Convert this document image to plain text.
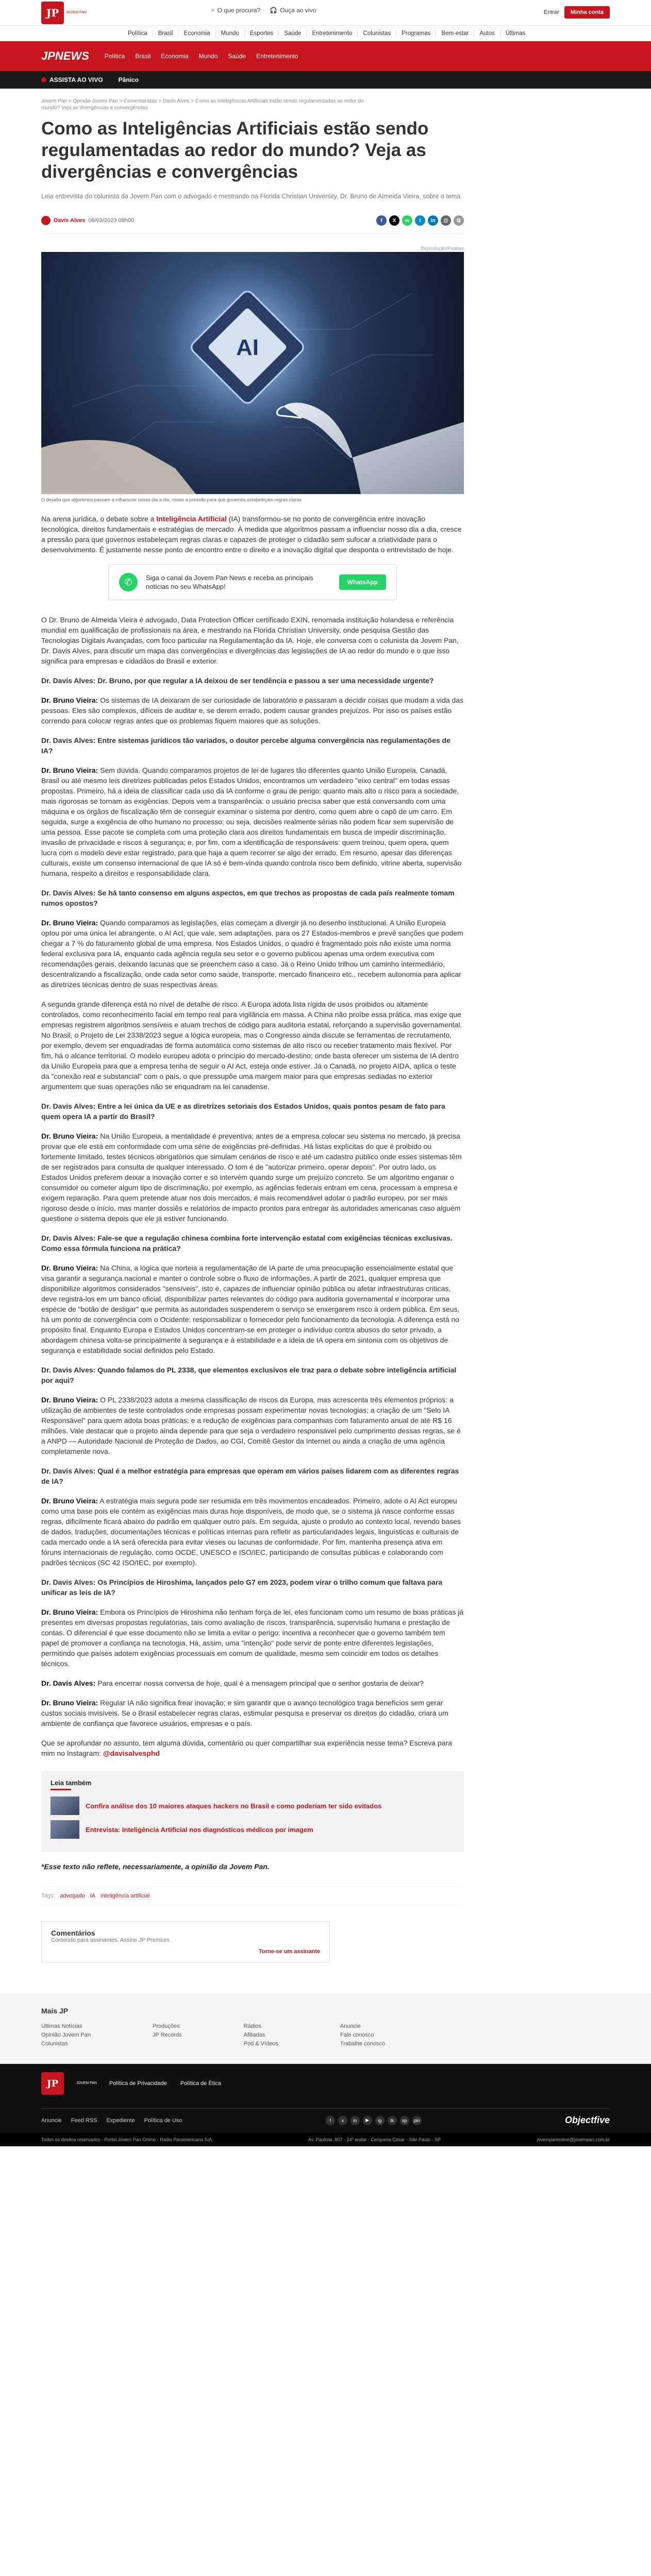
JP	JOVEM PAN	⌕ O que procura? 🎧 Ouça ao vivo	Entrar	Minha conta
Política	Brasil	Economia	Mundo	Esportes	Saúde	Entretenimento	Colunistas	Programas	Bem-estar	Autos	Últimas
JPNEWS	Política Brasil Economia Mundo Saúde Entretenimento
ASSISTA AO VIVO	Pânico
Jovem Pan > Opinião Jovem Pan > Comentaristas > Davis Alves > Como as Inteligências Artificiais estão sendo regulamentadas ao redor do
mundo? Veja as divergências e convergências
Como as Inteligências Artificiais estão sendo regulamentadas ao redor do mundo? Veja as divergências e convergências
Leia entrevista do colunista da Jovem Pan com o advogado e mestrando na Florida Christian University, Dr. Bruno de Almeida Vieira, sobre o tema
Davis Alves 08/03/2023 08h00	f	X	w	t	in	@	⧉
Reprodução/Pixabay
AI
O desafio que algoritmos passam a influenciar nosso dia a dia, nosso a pressão para que governos estabeleçam regras claras

Na arena jurídica, o debate sobre a Inteligência Artificial (IA) transformou-se no ponto de convergência entre inovação tecnológica, direitos fundamentais e estratégias de mercado. À medida que algoritmos passam a influenciar nosso dia a dia, cresce a pressão para que governos estabeleçam regras claras e capazes de proteger o cidadão sem sufocar a criatividade para o desenvolvimento. É justamente nesse ponto de encontro entre o direito e a inovação digital que desponta o entrevistado de hoje.

✆	Siga o canal da Jovem Pan News e receba as principais notícias no seu WhatsApp!
WhatsApp

O Dr. Bruno de Almeida Vieira é advogado, Data Protection Officer certificado EXIN, renomada instituição holandesa e referência mundial em qualificação de profissionais na área, e mestrando na Florida Christian University, onde pesquisa Gestão das Tecnologias Digitais Avançadas, com foco particular na Regulamentação da IA. Hoje, ele conversa com o colunista da Jovem Pan, Dr. Davis Alves, para discutir um mapa das convergências e divergências das legislações de IA ao redor do mundo e o que isso significa para empresas e cidadãos do Brasil e exterior.

Dr. Davis Alves: Dr. Bruno, por que regular a IA deixou de ser tendência e passou a ser uma necessidade urgente?

Dr. Bruno Vieira: Os sistemas de IA deixaram de ser curiosidade de laboratório e passaram a decidir coisas que mudam a vida das pessoas. Eles são complexos, difíceis de auditar e, se derem errado, podem causar grandes prejuízos. Por isso os países estão correndo para colocar regras antes que os problemas fiquem maiores que as soluções.

Dr. Davis Alves: Entre sistemas jurídicos tão variados, o doutor percebe alguma convergência nas regulamentações de IA?

Dr. Bruno Vieira: Sem dúvida. Quando comparamos projetos de lei de lugares tão diferentes quanto União Europeia, Canadá, Brasil ou até mesmo leis diretrizes publicadas pelos Estados Unidos, encontramos um verdadeiro "eixo central" em todas essas propostas. Primeiro, há a ideia de classificar cada uso da IA conforme o grau de perigo: quanto mais alto o risco para a sociedade, mais rigorosas se tornam as exigências. Depois vem a transparência: o usuário precisa saber que está conversando com uma máquina e os órgãos de fiscalização têm de conseguir examinar o sistema por dentro, como quem abre o capô de um carro. Em seguida, surge a exigência de olho humano no processo; ou seja, decisões realmente sérias não podem ficar sem supervisão de uma pessoa. Esse pacote se completa com uma proteção clara aos direitos fundamentais em busca de impedir discriminação, invasão de privacidade e riscos à segurança; e, por fim, com a identificação de responsáveis: quem treinou, quem opera, quem lucra com o modelo deve estar registrado, para que haja a quem recorrer se algo der errado. Em resumo, apesar das diferenças culturais, existe um consenso internacional de que IA só é bem-vinda quando controla risco bem definido, vitrine aberta, supervisão humana, respeito a direitos e responsabilidade clara.

Dr. Davis Alves: Se há tanto consenso em alguns aspectos, em que trechos as propostas de cada país realmente tomam rumos opostos?

Dr. Bruno Vieira: Quando comparamos as legislações, elas começam a divergir já no desenho institucional. A União Europeia optou por uma única lei abrangente, o AI Act, que vale, sem adaptações, para os 27 Estados-membros e prevê sanções que podem chegar a 7 % do faturamento global de uma empresa. Nos Estados Unidos, o quadro é fragmentado pois não existe uma norma federal exclusiva para IA, enquanto cada agência regula seu setor e o governo publicou apenas uma ordem executiva com recomendações gerais, deixando lacunas que se preenchem caso a caso. Já o Reino Unido trilhou um caminho intermediário, descentralizando a fiscalização, onde cada setor como saúde, transporte, mercado financeiro etc., recebem autonomia para aplicar as diretrizes técnicas dentro de suas respectivas áreas.

A segunda grande diferença está no nível de detalhe de risco. A Europa adota lista rígida de usos proibidos ou altamente controlados, como reconhecimento facial em tempo real para vigilância em massa. A China não proíbe essa prática, mas exige que empresas registrem algoritmos sensíveis e atuam trechos de código para auditoria estatal, reforçando a supervisão governamental. No Brasil, o Projeto de Lei 2338/2023 segue a lógica europeia, mas o Congresso ainda discute se ferramentas de recrutamento, por exemplo, devem ser enquadradas de forma automática como sistemas de alto risco ou receber tratamento mais flexível. Por fim, há o alcance territorial. O modelo europeu adota o princípio do mercado-destino; onde basta oferecer um sistema de IA dentro da União Europeia para que a empresa tenha de seguir o AI Act, esteja onde estiver. Já o Canadá, no projeto AIDA, aplica o teste da "conexão real e substancial" com o país, o que pressupõe uma margem maior para que empresas sediadas no exterior argumentem que suas operações não se enquadram na lei canadense.

Dr. Davis Alves: Entre a lei única da UE e as diretrizes setoriais dos Estados Unidos, quais pontos pesam de fato para quem opera IA a partir do Brasil?

Dr. Bruno Vieira: Na União Europeia, a mentalidade é preventiva; antes de a empresa colocar seu sistema no mercado, já precisa provar que ele está em conformidade com uma série de exigências pré-definidas. Há listas explícitas do que é proibido ou fortemente limitado, testes técnicos obrigatórios que simulam cenários de risco e até um cadastro público onde esses sistemas têm de ser registrados para consulta de qualquer interessado. O tom é de "autorizar primeiro, operar depois". Por outro lado, os Estados Unidos preferem deixar a inovação correr e só intervém quando surge um prejuízo concreto. Se um algoritmo enganar o consumidor ou cometer algum tipo de discriminação, por exemplo, as agências federais entram em cena, processam a empresa e exigem reparação. Para quem pretende atuar nos dois mercados, é mais recomendável adotar o padrão europeu, por ser mais rigoroso desde o início, mas manter dossiês e relatórios de impacto prontos para entregar às autoridades americanas caso alguém questione o sistema depois que ele já estiver funcionando.

Dr. Davis Alves: Fale-se que a regulação chinesa combina forte intervenção estatal com exigências técnicas exclusivas. Como essa fórmula funciona na prática?

Dr. Bruno Vieira: Na China, a lógica que norteia a regulamentação de IA parte de uma preocupação essencialmente estatal que visa garantir a segurança nacional e manter o controle sobre o fluxo de informações. A partir de 2021, qualquer empresa que disponibilize algoritmos considerados "sensíveis", isto é, capazes de influenciar opinião pública ou afetar infraestruturas críticas, deve registrá-los em um banco oficial, disponibilizar partes relevantes do código para auditoria governamental e incorporar uma espécie de "botão de desligar" que permita às autoridades suspenderem o serviço se enxergarem risco à ordem pública. Em seus, há um ponto de convergência com o Ocidente: responsabilizar o fornecedor pelo funcionamento da tecnologia. A diferença está no propósito final. Enquanto Europa e Estados Unidos concentram-se em proteger o indivíduo contra abusos do setor privado, a abordagem chinesa volta-se principalmente à segurança e à estabilidade e a ideia de IA opera em sintonia com os objetivos de segurança e estabilidade social definidos pelo Estado.

Dr. Davis Alves: Quando falamos do PL 2338, que elementos exclusivos ele traz para o debate sobre inteligência artificial por aqui?

Dr. Bruno Vieira: O PL 2338/2023 adota a mesma classificação de riscos da Europa, mas acrescenta três elementos próprios: a utilização de ambientes de teste controlados onde empresas possam experimentar novas tecnologias; a criação de um "Selo IA Responsável" para quem adota boas práticas; e a redução de exigências para companhias com faturamento anual de até R$ 16 milhões. Vale destacar que o projeto ainda depende para que seja o verdadeiro responsável pelo cumprimento dessas regras, se é a ANPD — Autoridade Nacional de Proteção de Dados, ao CGI, Comitê Gestor da Internet ou ainda a criação de uma agência completamente nova.

Dr. Davis Alves: Qual é a melhor estratégia para empresas que operam em vários países lidarem com as diferentes regras de IA?

Dr. Bruno Vieira: A estratégia mais segura pode ser resumida em três movimentos encadeados. Primeiro, adote o AI Act europeu como uma base pois ele contém as exigências mais duras hoje disponíveis, de modo que, se o sistema já nasce conforme essas regras, dificilmente ficará abaixo do padrão em qualquer outro país. Em seguida, ajuste o produto ao contexto local, revendo bases de dados, traduções, documentações técnicas e políticas internas para refletir as particularidades legais, linguísticas e culturais de cada mercado onde a IA será oferecida para evitar vieses ou lacunas de conformidade. Por fim, mantenha presença ativa em fóruns internacionais de regulação, como OCDE, UNESCO e ISO/IEC, participando de consultas públicas e colaborando com padrões técnicos (SC 42 ISO/IEC, por exemplo).

Dr. Davis Alves: Os Princípios de Hiroshima, lançados pelo G7 em 2023, podem virar o trilho comum que faltava para unificar as leis de IA?

Dr. Bruno Vieira: Embora os Princípios de Hiroshima não tenham força de lei, eles funcionam como um resumo de boas práticas já presentes em diversas propostas regulatórias, tais como avaliação de riscos, transparência, supervisão humana e prestação de contas. O diferencial é que esse documento não se limita a evitar o perigo: incentiva a reconhecer que o governo também tem papel de promover a confiança na tecnologia. Há, assim, uma "intenção" pode servir de ponte entre diferentes legislações, permitindo que países adotem exigências processuais em comum de qualidade, mesmo sem coincidir em todos os detalhes técnicos.

Dr. Davis Alves: Para encerrar nossa conversa de hoje, qual é a mensagem principal que o senhor gostaria de deixar?

Dr. Bruno Vieira: Regular IA não significa frear inovação; e sim garantir que o avanço tecnológico traga benefícios sem gerar custos sociais invisíveis. Se o Brasil estabelecer regras claras, estimular pesquisa e preservar os direitos do cidadão, criará um ambiente de confiança que favorece usuários, empresas e o país.

Que se aprofundar no assunto, tem alguma dúvida, comentário ou quer compartilhar sua experiência nesse tema? Escreva para mim no Instagram: @davisalvesphd

Leia também
Confira análise dos 10 maiores ataques hackers no Brasil e como poderiam ter sido evitados
Entrevista: Inteligência Artificial nos diagnósticos médicos por imagem
*Esse texto não reflete, necessariamente, a opinião da Jovem Pan.
Tags: advogado IA inteligência artificial
Comentários
Conteúdo para assinantes. Assine JP Premium.
Torne-se um assinante
Mais JP
Últimas Notícias
Opinião Jovem Pan
Colunistas
Produções
JP Records
Rádios
Afiliadas
Pod & Vídeos
Anuncie
Fale conosco
Trabalhe conosco
JP	JOVEM PAN Política de Privacidade Política de Ética
Anuncie Feed RSS Expediente Política de Uso	f	x	in	▶	ig	tk	sp	pin	Objectfive
Todos os direitos reservados - Portal Jovem Pan Online - Rádio Panamericana S/A	Av. Paulista, 807 - 24º andar - Cerqueira César - São Paulo - SP	jovempanonline@jovempan.com.br
